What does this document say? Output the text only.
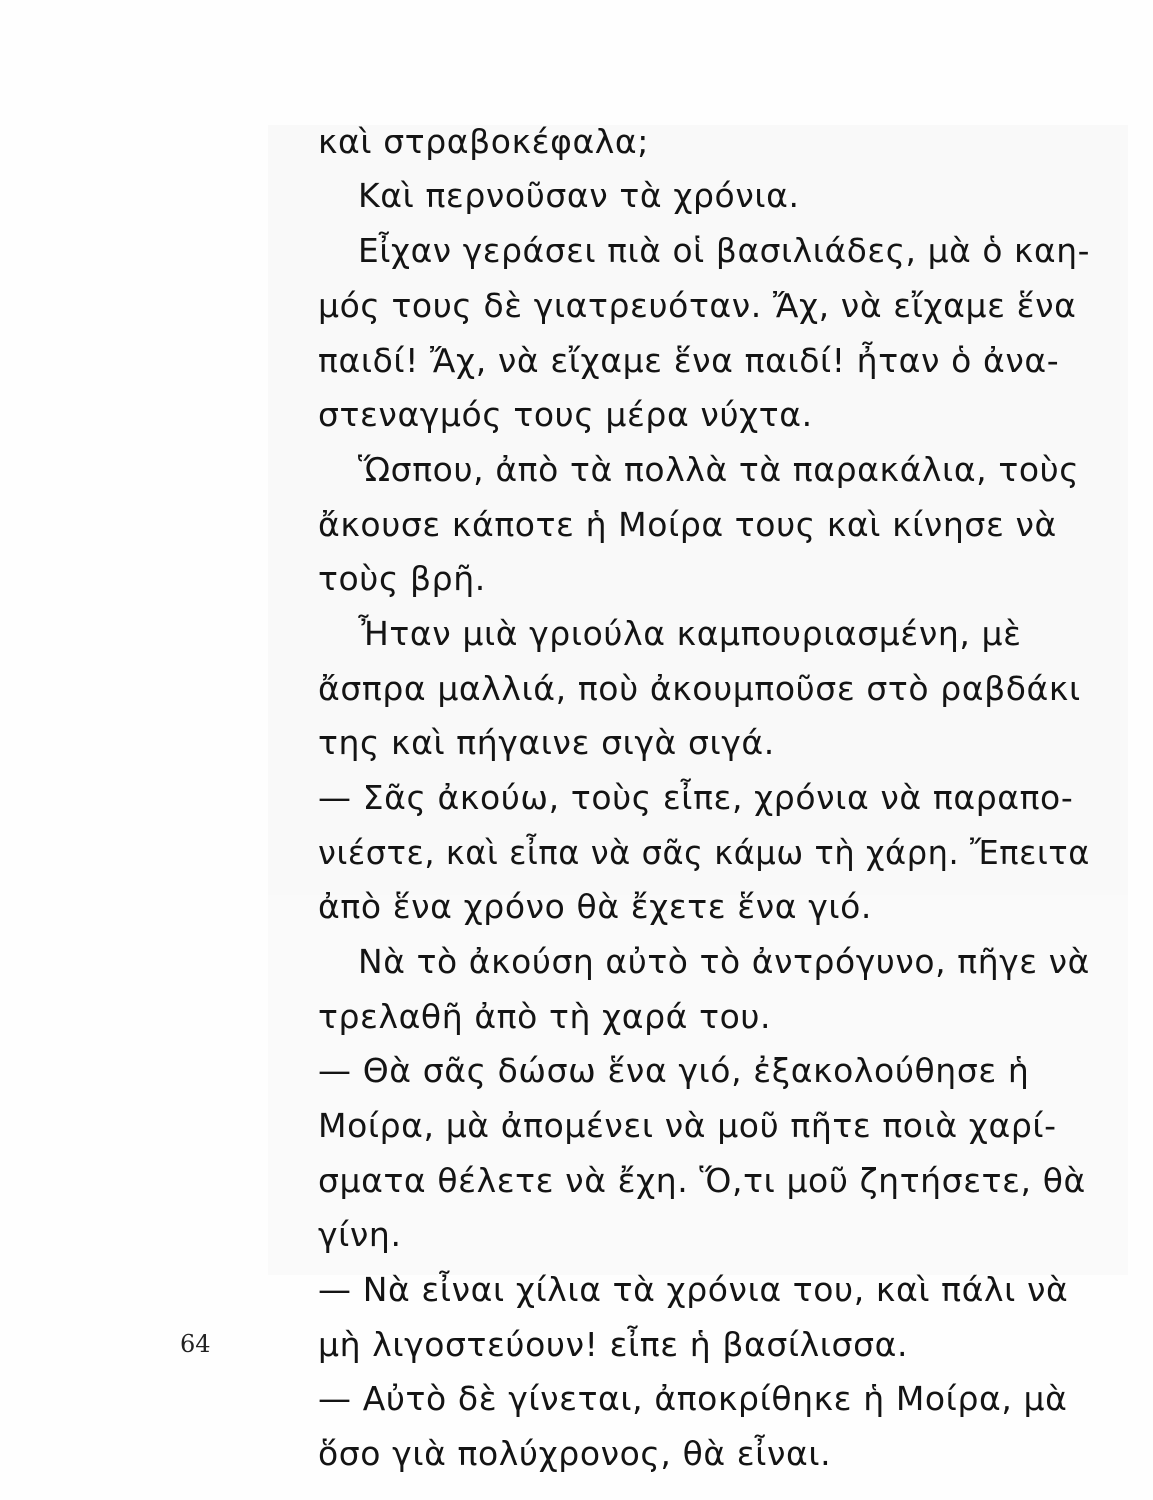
καὶ στραβοκέφαλα;

Καὶ περνοῦσαν τὰ χρόνια.

Εἶχαν γεράσει πιὰ οἱ βασιλιάδες, μὰ ὁ καη-

μός τους δὲ γιατρευόταν. Ἄχ, νὰ εἴχαμε ἕνα

παιδί! Ἄχ, νὰ εἴχαμε ἕνα παιδί! ἦταν ὁ ἀνα-

στεναγμός τους μέρα νύχτα.

Ὥσπου, ἀπὸ τὰ πολλὰ τὰ παρακάλια, τοὺς

ἄκουσε κάποτε ἡ Μοίρα τους καὶ κίνησε νὰ

τοὺς βρῆ.

Ἦταν μιὰ γριούλα καμπουριασμένη, μὲ

ἄσπρα μαλλιά, ποὺ ἀκουμποῦσε στὸ ραβδάκι

της καὶ πήγαινε σιγὰ σιγά.

— Σᾶς ἀκούω, τοὺς εἶπε, χρόνια νὰ παραπο-

νιέστε, καὶ εἶπα νὰ σᾶς κάμω τὴ χάρη. Ἔπειτα

ἀπὸ ἕνα χρόνο θὰ ἔχετε ἕνα γιό.

Νὰ τὸ ἀκούση αὐτὸ τὸ ἀντρόγυνο, πῆγε νὰ

τρελαθῆ ἀπὸ τὴ χαρά του.

— Θὰ σᾶς δώσω ἕνα γιό, ἐξακολούθησε ἡ

Μοίρα, μὰ ἀπομένει νὰ μοῦ πῆτε ποιὰ χαρί-

σματα θέλετε νὰ ἔχη. Ὅ,τι μοῦ ζητήσετε, θὰ

γίνη.

— Νὰ εἶναι χίλια τὰ χρόνια του, καὶ πάλι νὰ

μὴ λιγοστεύουν! εἶπε ἡ βασίλισσα.

— Αὐτὸ δὲ γίνεται, ἀποκρίθηκε ἡ Μοίρα, μὰ

ὅσο γιὰ πολύχρονος, θὰ εἶναι.

64
